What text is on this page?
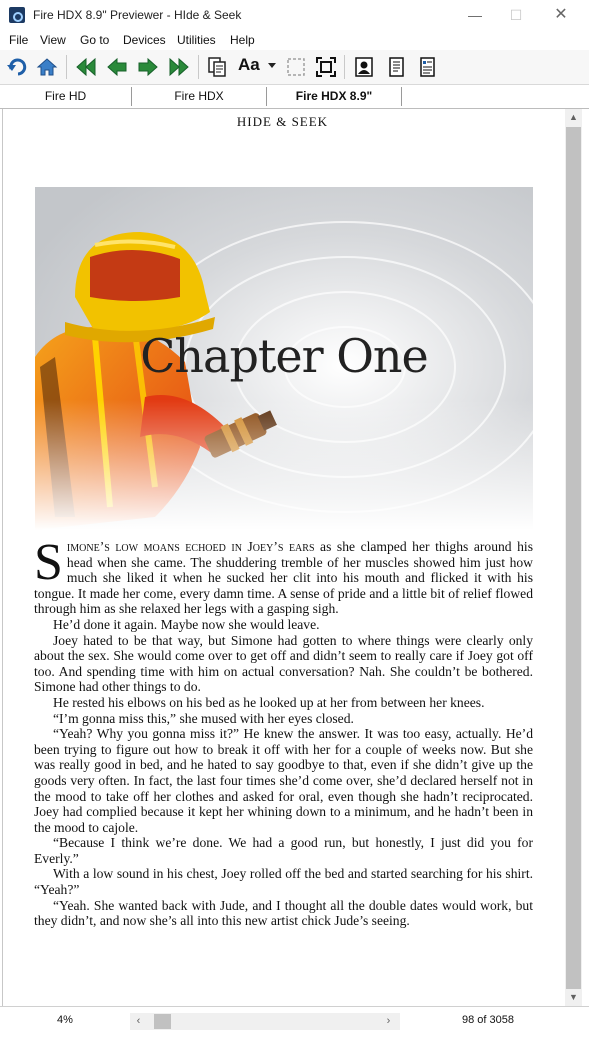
Fire HDX 8.9" Previewer - HIde & Seek	— ☐ ✕
File View Go to Devices Utilities Help
Aa
Fire HD	Fire HDX	Fire HDX 8.9"
HIDE & SEEK
Chapter One

Simone’s low moans echoed in Joey’s ears as she clamped her thighs around his head when she came. The shuddering tremble of her muscles showed him just how much she liked it when he sucked her clit into his mouth and flicked it with his tongue. It made her come, every damn time. A sense of pride and a little bit of relief flowed through him as she relaxed her legs with a gasping sigh.

He’d done it again. Maybe now she would leave.

Joey hated to be that way, but Simone had gotten to where things were clearly only about the sex. She would come over to get off and didn’t seem to really care if Joey got off too. And spending time with him on actual conversation? Nah. She couldn’t be bothered. Simone had other things to do.

He rested his elbows on his bed as he looked up at her from between her knees.

“I’m gonna miss this,” she mused with her eyes closed.

“Yeah? Why you gonna miss it?” He knew the answer. It was too easy, actually. He’d been trying to figure out how to break it off with her for a couple of weeks now. But she was really good in bed, and he hated to say goodbye to that, even if she didn’t give up the goods very often. In fact, the last four times she’d come over, she’d declared herself not in the mood to take off her clothes and asked for oral, even though she hadn’t reciprocated. Joey had complied because it kept her whining down to a minimum, and he hadn’t been in the mood to cajole.

“Because I think we’re done. We had a good run, but honestly, I just did you for Everly.”

With a low sound in his chest, Joey rolled off the bed and started searching for his shirt. “Yeah?”

“Yeah. She wanted back with Jude, and I thought all the double dates would work, but they didn’t, and now she’s all into this new artist chick Jude’s seeing.

▲
▼
4%	‹	›	98 of 3058
